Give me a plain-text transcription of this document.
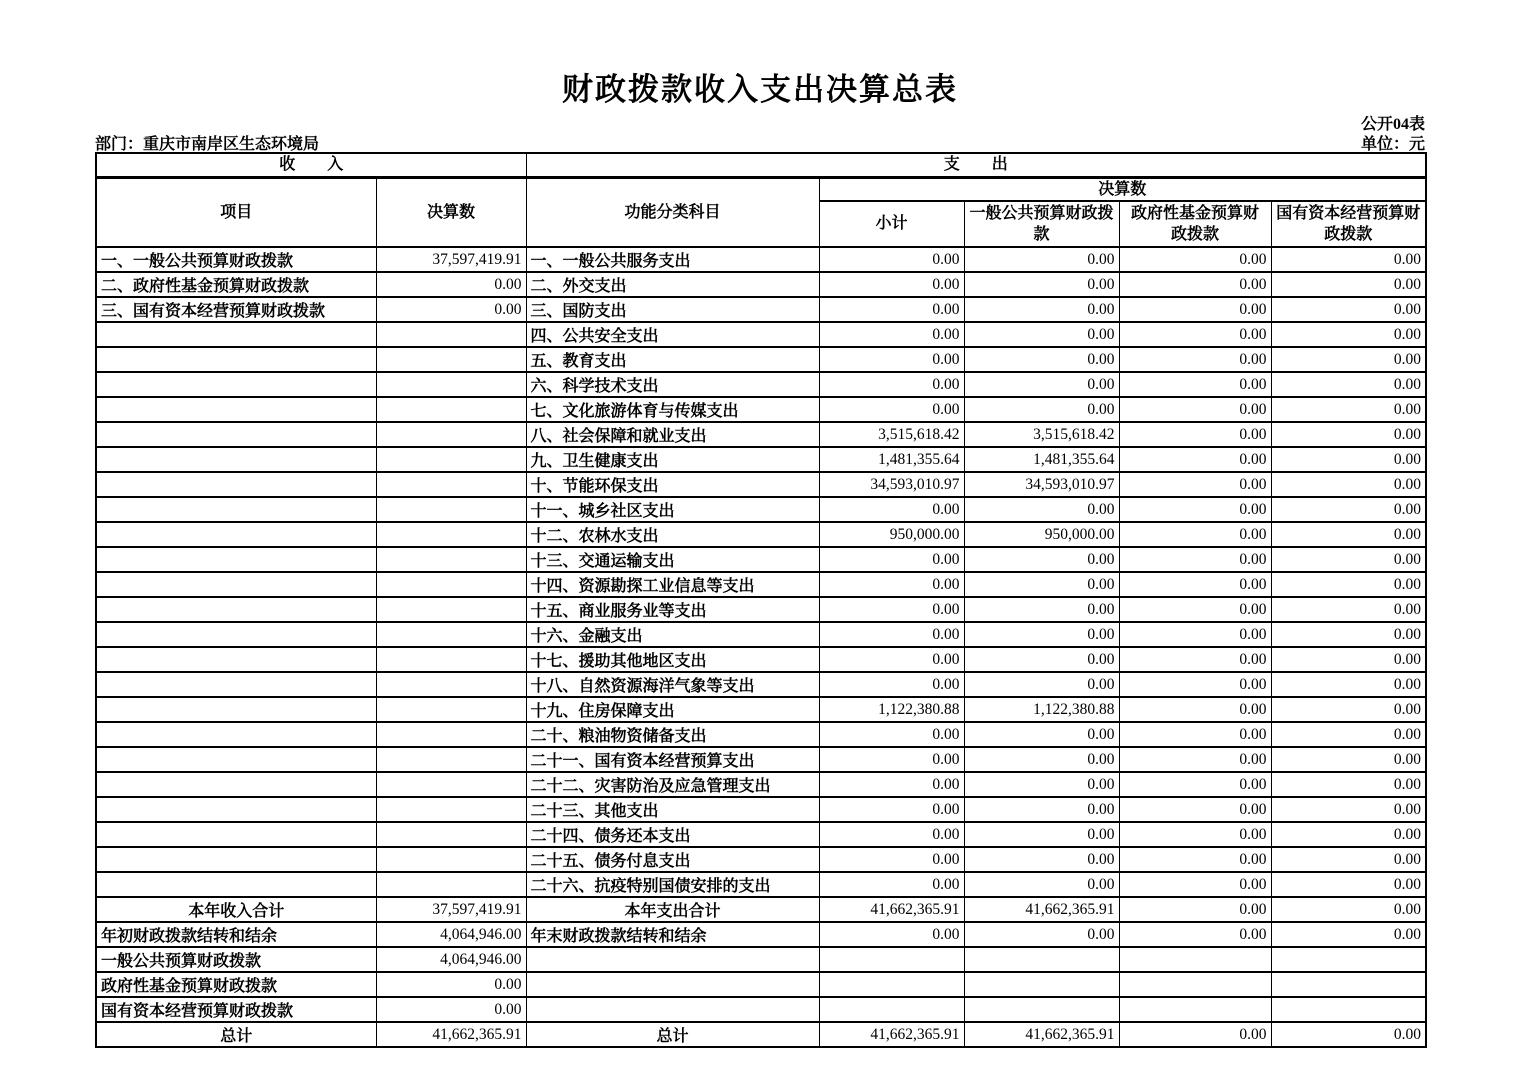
财政拨款收入支出决算总表
公开04表
部门：重庆市南岸区生态环境局	单位：元
收　　入		支　　出				
项目	决算数	功能分类科目	决算数			
			小计	一般公共预算财政拨款	政府性基金预算财政拨款	国有资本经营预算财政拨款
一、一般公共预算财政拨款	37,597,419.91	一、一般公共服务支出	0.00	0.00	0.00	0.00
二、政府性基金预算财政拨款	0.00	二、外交支出	0.00	0.00	0.00	0.00
三、国有资本经营预算财政拨款	0.00	三、国防支出	0.00	0.00	0.00	0.00
		四、公共安全支出	0.00	0.00	0.00	0.00
		五、教育支出	0.00	0.00	0.00	0.00
		六、科学技术支出	0.00	0.00	0.00	0.00
		七、文化旅游体育与传媒支出	0.00	0.00	0.00	0.00
		八、社会保障和就业支出	3,515,618.42	3,515,618.42	0.00	0.00
		九、卫生健康支出	1,481,355.64	1,481,355.64	0.00	0.00
		十、节能环保支出	34,593,010.97	34,593,010.97	0.00	0.00
		十一、城乡社区支出	0.00	0.00	0.00	0.00
		十二、农林水支出	950,000.00	950,000.00	0.00	0.00
		十三、交通运输支出	0.00	0.00	0.00	0.00
		十四、资源勘探工业信息等支出	0.00	0.00	0.00	0.00
		十五、商业服务业等支出	0.00	0.00	0.00	0.00
		十六、金融支出	0.00	0.00	0.00	0.00
		十七、援助其他地区支出	0.00	0.00	0.00	0.00
		十八、自然资源海洋气象等支出	0.00	0.00	0.00	0.00
		十九、住房保障支出	1,122,380.88	1,122,380.88	0.00	0.00
		二十、粮油物资储备支出	0.00	0.00	0.00	0.00
		二十一、国有资本经营预算支出	0.00	0.00	0.00	0.00
		二十二、灾害防治及应急管理支出	0.00	0.00	0.00	0.00
		二十三、其他支出	0.00	0.00	0.00	0.00
		二十四、债务还本支出	0.00	0.00	0.00	0.00
		二十五、债务付息支出	0.00	0.00	0.00	0.00
		二十六、抗疫特别国债安排的支出	0.00	0.00	0.00	0.00
本年收入合计	37,597,419.91	本年支出合计	41,662,365.91	41,662,365.91	0.00	0.00
年初财政拨款结转和结余	4,064,946.00	年末财政拨款结转和结余	0.00	0.00	0.00	0.00
一般公共预算财政拨款	4,064,946.00					
政府性基金预算财政拨款	0.00					
国有资本经营预算财政拨款	0.00					
总计	41,662,365.91	总计	41,662,365.91	41,662,365.91	0.00	0.00
